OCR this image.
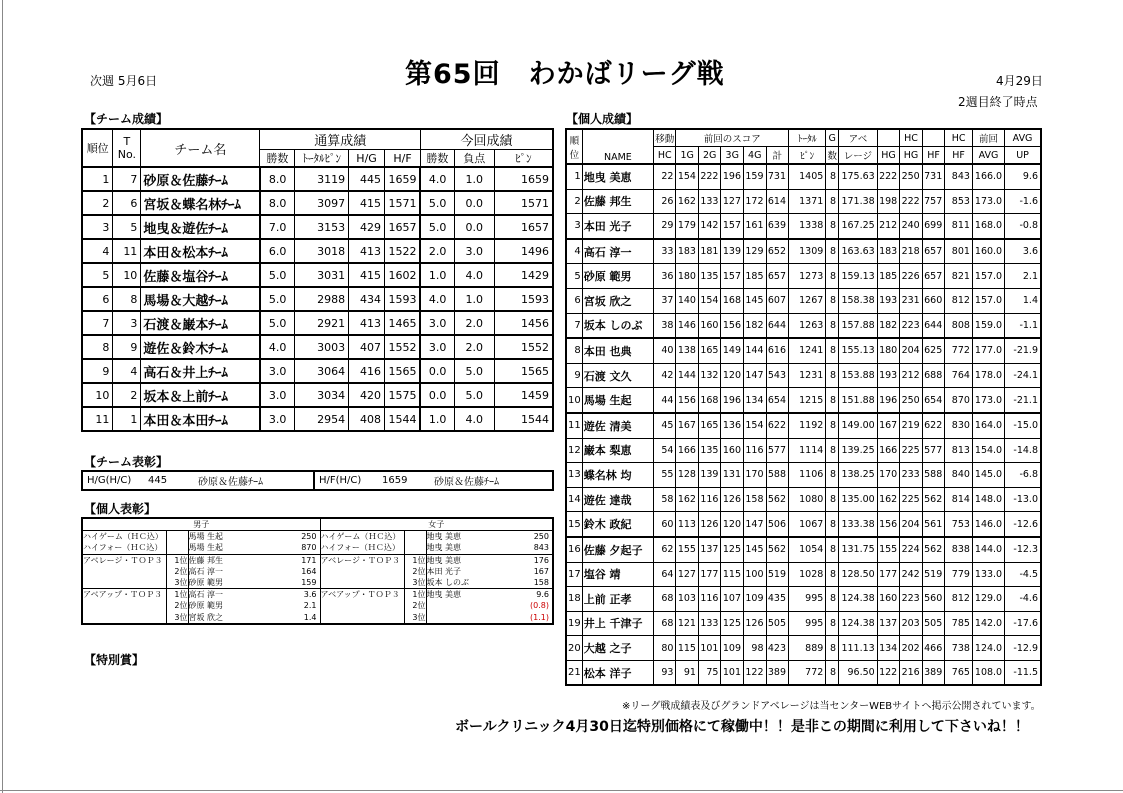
次週 5月6日	第65回　わかばリーグ戦	4月29日
2週目終了時点
【チーム成績】	【個人成績】
【チーム表彰】
【個人表彰】
【特別賞】
順位	T No.	チーム名	通算成績				今回成績		
			勝数	ﾄｰﾀﾙﾋﾟﾝ	H/G	H/F	勝数	負点	ﾋﾟﾝ
1	7	砂原＆佐藤ﾁｰﾑ	8.0	3119	445	1659	4.0	1.0	1659
2	6	宮坂＆蝶名林ﾁｰﾑ	8.0	3097	415	1571	5.0	0.0	1571
3	5	地曳＆遊佐ﾁｰﾑ	7.0	3153	429	1657	5.0	0.0	1657
4	11	本田＆松本ﾁｰﾑ	6.0	3018	413	1522	2.0	3.0	1496
5	10	佐藤＆塩谷ﾁｰﾑ	5.0	3031	415	1602	1.0	4.0	1429
6	8	馬場＆大越ﾁｰﾑ	5.0	2988	434	1593	4.0	1.0	1593
7	3	石渡＆巌本ﾁｰﾑ	5.0	2921	413	1465	3.0	2.0	1456
8	9	遊佐＆鈴木ﾁｰﾑ	4.0	3003	407	1552	3.0	2.0	1552
9	4	高石＆井上ﾁｰﾑ	3.0	3064	416	1565	0.0	5.0	1565
10	2	坂本＆上前ﾁｰﾑ	3.0	3034	420	1575	0.0	5.0	1459
11	1	本田＆本田ﾁｰﾑ	3.0	2954	408	1544	1.0	4.0	1544
H/G(H/C)	445	砂原＆佐藤ﾁｰﾑ	H/F(H/C)	1659	砂原＆佐藤ﾁｰﾑ
男子				女子			
ハイゲーム（ＨＣ込）		馬場 生起	250	ハイゲーム（ＨＣ込）		地曳 美恵	250
ハイフォー（ＨＣ込）		馬場 生起	870	ハイフォー（ＨＣ込）		地曳 美恵	843
アベレージ・ＴＯＰ３	1位	佐藤 邦生	171	アベレージ・ＴＯＰ３	1位	地曳 美恵	176
	2位	高石 淳一	164		2位	本田 光子	167
	3位	砂原 範男	159		3位	坂本 しのぶ	158
アベアップ・ＴＯＰ３	1位	高石 淳一	3.6	アベアップ・ＴＯＰ３	1位	地曳 美恵	9.6
	2位	砂原 範男	2.1		2位		(0.8)
	3位	宮坂 欣之	1.4		3位		(1.1)
順位	NAME	移動	前回のスコア					ﾄｰﾀﾙ	G	アベ		HC		HC	前回	AVG
		HC	1G	2G	3G	4G	計	ﾋﾟﾝ	数	レージ	HG	HG	HF	HF	AVG	UP
1	地曳 美恵	22	154	222	196	159	731	1405	8	175.63	222	250	731	843	166.0	9.6
2	佐藤 邦生	26	162	133	127	172	614	1371	8	171.38	198	222	757	853	173.0	-1.6
3	本田 光子	29	179	142	157	161	639	1338	8	167.25	212	240	699	811	168.0	-0.8
4	高石 淳一	33	183	181	139	129	652	1309	8	163.63	183	218	657	801	160.0	3.6
5	砂原 範男	36	180	135	157	185	657	1273	8	159.13	185	226	657	821	157.0	2.1
6	宮坂 欣之	37	140	154	168	145	607	1267	8	158.38	193	231	660	812	157.0	1.4
7	坂本 しのぶ	38	146	160	156	182	644	1263	8	157.88	182	223	644	808	159.0	-1.1
8	本田 也典	40	138	165	149	144	616	1241	8	155.13	180	204	625	772	177.0	-21.9
9	石渡 文久	42	144	132	120	147	543	1231	8	153.88	193	212	688	764	178.0	-24.1
10	馬場 生起	44	156	168	196	134	654	1215	8	151.88	196	250	654	870	173.0	-21.1
11	遊佐 清美	45	167	165	136	154	622	1192	8	149.00	167	219	622	830	164.0	-15.0
12	巌本 梨恵	54	166	135	160	116	577	1114	8	139.25	166	225	577	813	154.0	-14.8
13	蝶名林 均	55	128	139	131	170	588	1106	8	138.25	170	233	588	840	145.0	-6.8
14	遊佐 達哉	58	162	116	126	158	562	1080	8	135.00	162	225	562	814	148.0	-13.0
15	鈴木 政紀	60	113	126	120	147	506	1067	8	133.38	156	204	561	753	146.0	-12.6
16	佐藤 夕起子	62	155	137	125	145	562	1054	8	131.75	155	224	562	838	144.0	-12.3
17	塩谷 靖	64	127	177	115	100	519	1028	8	128.50	177	242	519	779	133.0	-4.5
18	上前 正孝	68	103	116	107	109	435	995	8	124.38	160	223	560	812	129.0	-4.6
19	井上 千津子	68	121	133	125	126	505	995	8	124.38	137	203	505	785	142.0	-17.6
20	大越 之子	80	115	101	109	98	423	889	8	111.13	134	202	466	738	124.0	-12.9
21	松本 洋子	93	91	75	101	122	389	772	8	96.50	122	216	389	765	108.0	-11.5
※リーグ戦成績表及びグランドアベレージは当センターWEBサイトへ掲示公開されています。
ボールクリニック4月30日迄特別価格にて稼働中！！是非この期間に利用して下さいね！！
